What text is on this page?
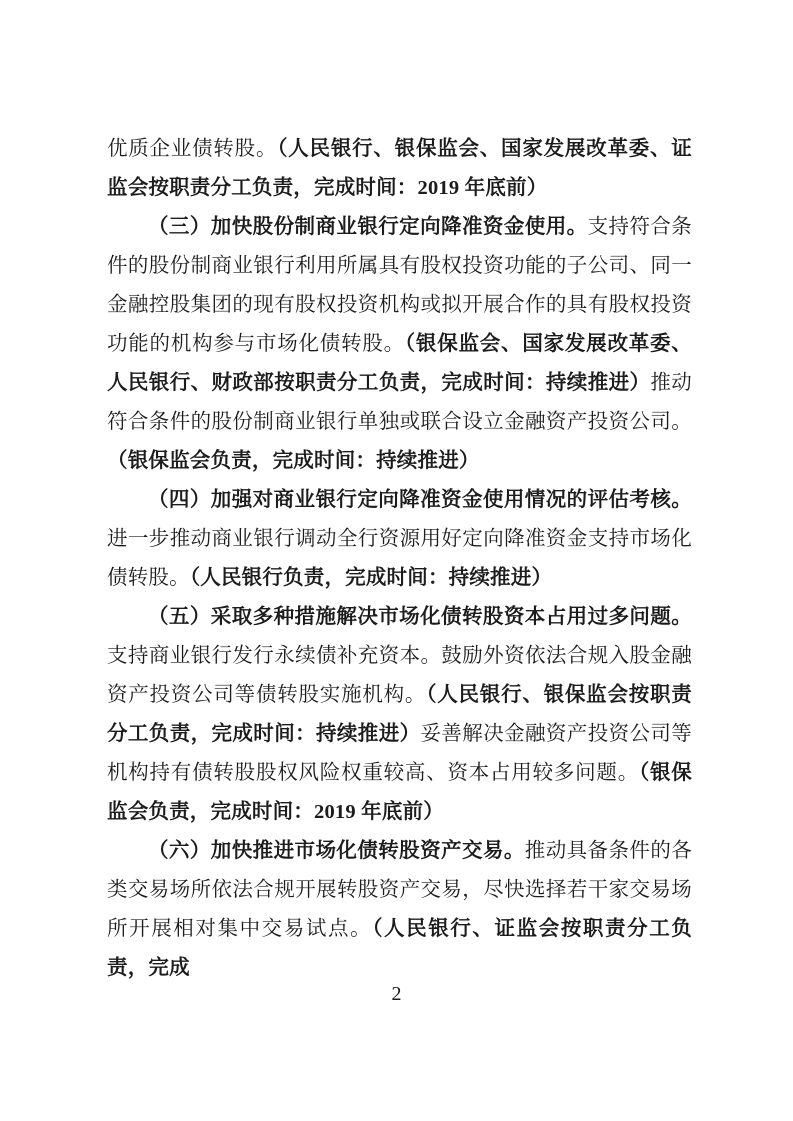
优质企业债转股。（人民银行、银保监会、国家发展改革委、证监会按职责分工负责，完成时间：2019 年底前）

（三）加快股份制商业银行定向降准资金使用。支持符合条件的股份制商业银行利用所属具有股权投资功能的子公司、同一金融控股集团的现有股权投资机构或拟开展合作的具有股权投资功能的机构参与市场化债转股。（银保监会、国家发展改革委、人民银行、财政部按职责分工负责，完成时间：持续推进）推动符合条件的股份制商业银行单独或联合设立金融资产投资公司。（银保监会负责，完成时间：持续推进）

（四）加强对商业银行定向降准资金使用情况的评估考核。进一步推动商业银行调动全行资源用好定向降准资金支持市场化债转股。（人民银行负责，完成时间：持续推进）

（五）采取多种措施解决市场化债转股资本占用过多问题。支持商业银行发行永续债补充资本。鼓励外资依法合规入股金融资产投资公司等债转股实施机构。（人民银行、银保监会按职责分工负责，完成时间：持续推进）妥善解决金融资产投资公司等机构持有债转股股权风险权重较高、资本占用较多问题。（银保监会负责，完成时间：2019 年底前）

（六）加快推进市场化债转股资产交易。推动具备条件的各类交易场所依法合规开展转股资产交易，尽快选择若干家交易场所开展相对集中交易试点。（人民银行、证监会按职责分工负责，完成

2
